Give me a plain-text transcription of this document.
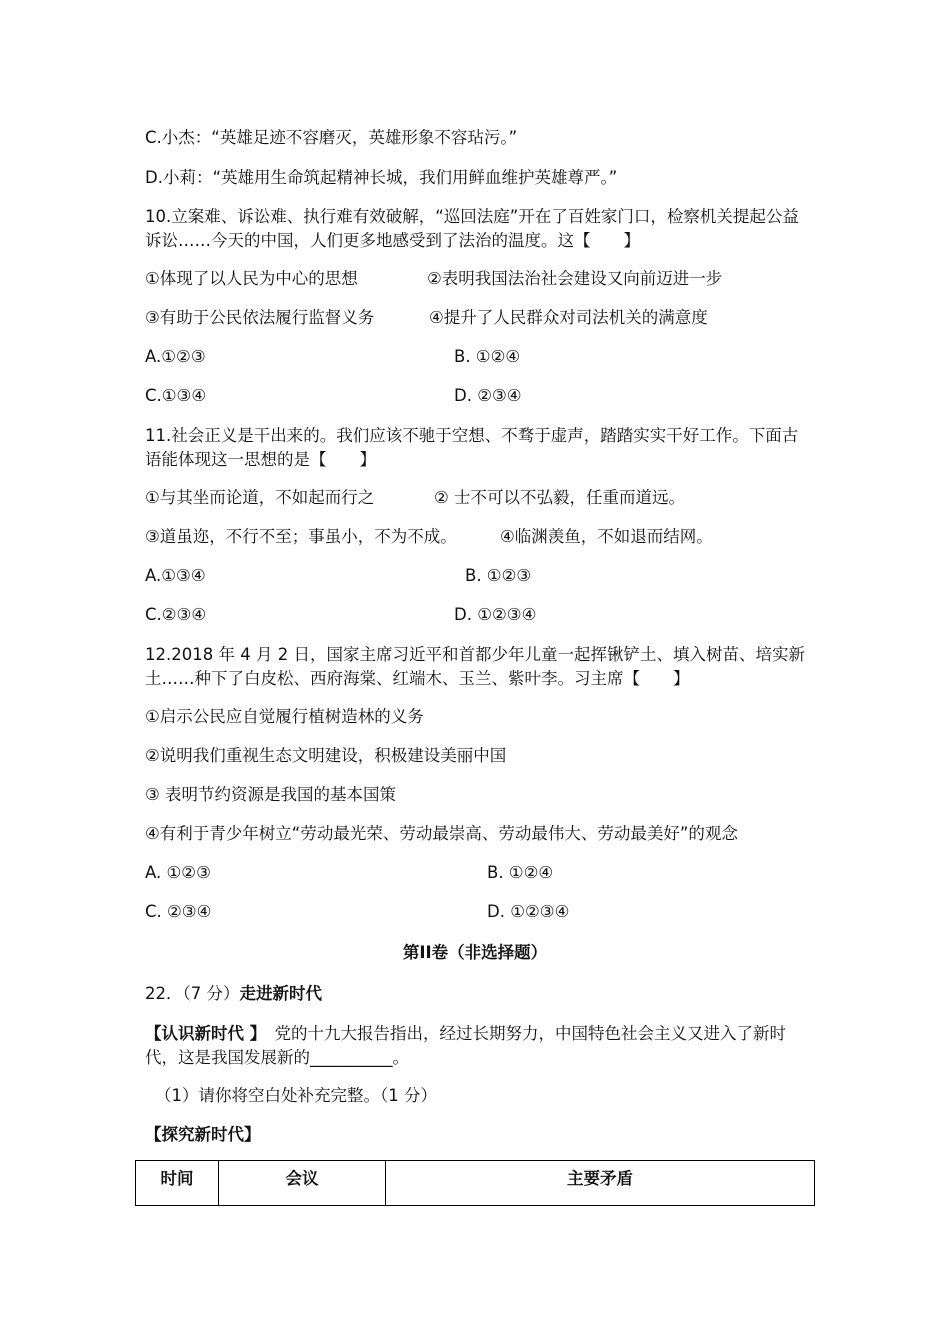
C.小杰：“英雄足迹不容磨灭，英雄形象不容玷污。”
D.小莉：“英雄用生命筑起精神长城，我们用鲜血维护英雄尊严。”
10.立案难、诉讼难、执行难有效破解，“巡回法庭”开在了百姓家门口，检察机关提起公益诉讼……今天的中国，人们更多地感受到了法治的温度。这【　　】
①体现了以人民为中心的思想	②表明我国法治社会建设又向前迈进一步
③有助于公民依法履行监督义务	④提升了人民群众对司法机关的满意度
A.①②③	B. ①②④
C.①③④	D. ②③④
11.社会正义是干出来的。我们应该不驰于空想、不骛于虚声，踏踏实实干好工作。下面古语能体现这一思想的是【　　】
①与其坐而论道，不如起而行之	② 士不可以不弘毅，任重而道远。
③道虽迩，不行不至；事虽小，不为不成。	④临渊羡鱼，不如退而结网。
A.①③④	B. ①②③
C.②③④	D. ①②③④
12.2018 年 4 月 2 日，国家主席习近平和首都少年儿童一起挥锹铲土、填入树苗、培实新土……种下了白皮松、西府海棠、红端木、玉兰、紫叶李。习主席【　　】
①启示公民应自觉履行植树造林的义务
②说明我们重视生态文明建设，积极建设美丽中国
③ 表明节约资源是我国的基本国策
④有利于青少年树立“劳动最光荣、劳动最崇高、劳动最伟大、劳动最美好”的观念
A. ①②③	B. ①②④
C. ②③④	D. ①②③④
第II卷（非选择题）
22．（7 分）走进新时代
【认识新时代 】　党的十九大报告指出，经过长期努力，中国特色社会主义又进入了新时代，这是我国发展新的__________。
（1）请你将空白处补充完整。（1 分）
【探究新时代】
时间	会议	主要矛盾
